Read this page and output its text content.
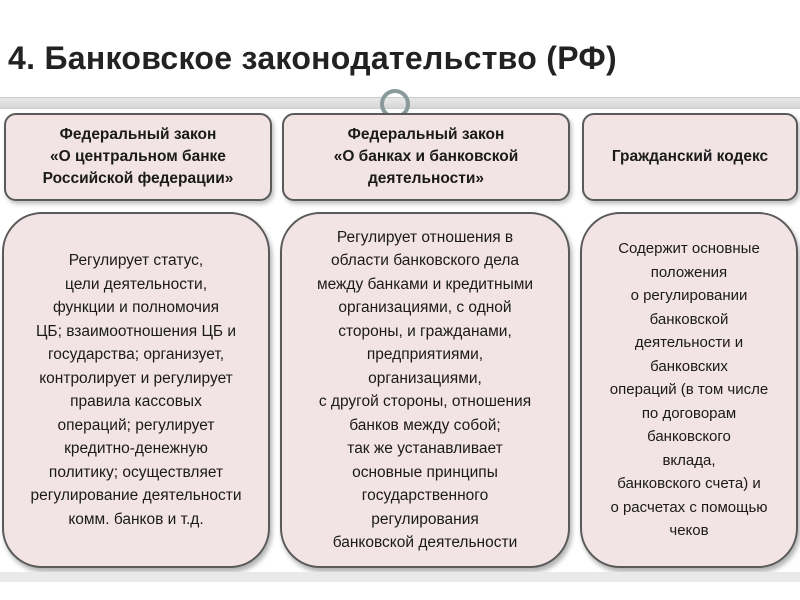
4. Банковское законодательство (РФ)
Федеральный закон
«О центральном банке
Российской федерации»
Регулирует статус,
цели деятельности,
функции и полномочия
ЦБ; взаимоотношения ЦБ и
государства; организует,
контролирует и регулирует
правила кассовых
операций; регулирует
кредитно-денежную
политику; осуществляет
регулирование деятельности
комм. банков и т.д.
Федеральный закон
«О банках и банковской
деятельности»
Регулирует отношения в
области банковского дела
между банками и кредитными
организациями, с одной
стороны, и гражданами,
предприятиями,
организациями,
с другой стороны, отношения
банков между собой;
так же устанавливает
основные принципы
государственного
регулирования
банковской деятельности
Гражданский кодекс
Содержит основные
положения
о регулировании
банковской
деятельности и
банковских
операций (в том числе
по договорам
банковского
вклада,
банковского счета) и
о расчетах с помощью
чеков
